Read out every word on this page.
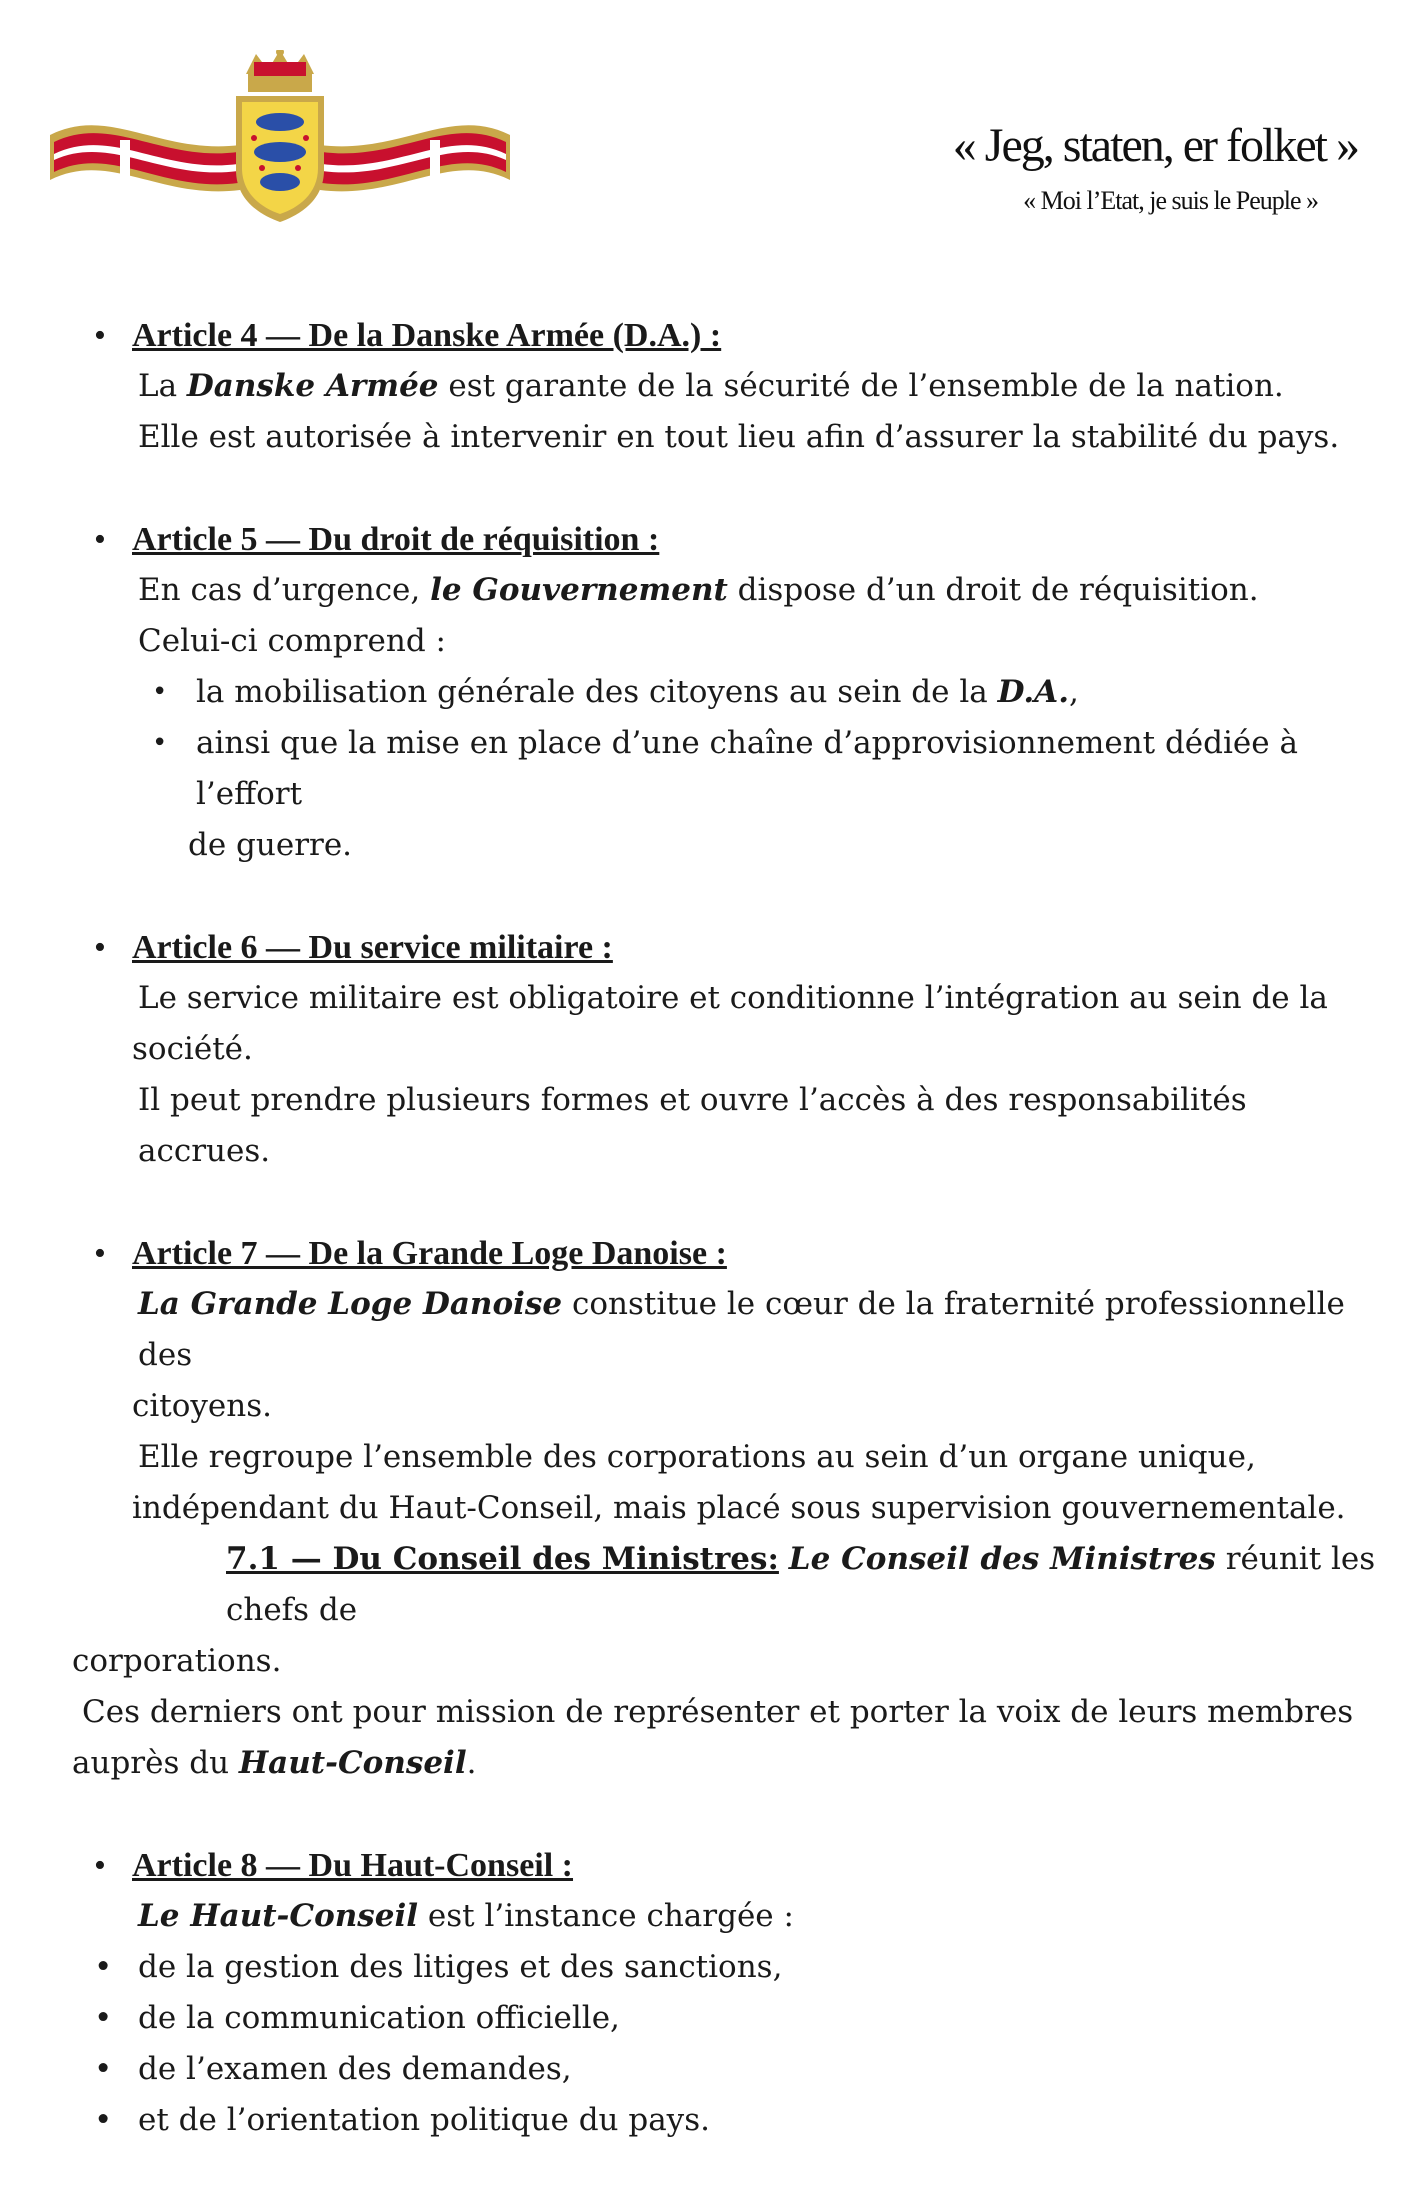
« Jeg, staten, er folket »
« Moi l’Etat, je suis le Peuple »
• Article 4 — De la Danske Armée (D.A.) :
La Danske Armée est garante de la sécurité de l’ensemble de la nation.
Elle est autorisée à intervenir en tout lieu afin d’assurer la stabilité du pays.
• Article 5 — Du droit de réquisition :
En cas d’urgence, le Gouvernement dispose d’un droit de réquisition.
Celui-ci comprend :
• la mobilisation générale des citoyens au sein de la D.A.,
• ainsi que la mise en place d’une chaîne d’approvisionnement dédiée à l’effort
de guerre.
• Article 6 — Du service militaire :
Le service militaire est obligatoire et conditionne l’intégration au sein de la
société.
Il peut prendre plusieurs formes et ouvre l’accès à des responsabilités accrues.
• Article 7 — De la Grande Loge Danoise :
La Grande Loge Danoise constitue le cœur de la fraternité professionnelle des
citoyens.
Elle regroupe l’ensemble des corporations au sein d’un organe unique,
indépendant du Haut-Conseil, mais placé sous supervision gouvernementale.
7.1 — Du Conseil des Ministres: Le Conseil des Ministres réunit les chefs de
corporations.
Ces derniers ont pour mission de représenter et porter la voix de leurs membres
auprès du Haut-Conseil.
• Article 8 — Du Haut-Conseil :
Le Haut-Conseil est l’instance chargée :
• de la gestion des litiges et des sanctions,
• de la communication officielle,
• de l’examen des demandes,
• et de l’orientation politique du pays.
